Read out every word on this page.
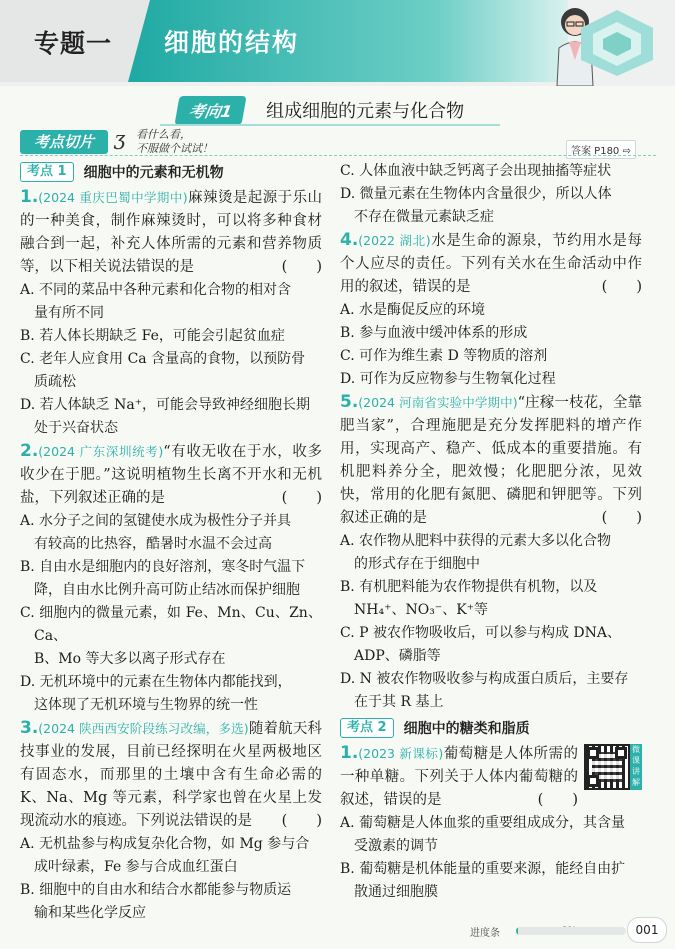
专题一 细胞的结构
考向1	组成细胞的元素与化合物
考点切片	ʒ 看什么看，
不服做个试试！	答案 P180 ⇨
考点 1	细胞中的元素和无机物
1.(2024 重庆巴蜀中学期中)麻辣烫是起源于乐山的一种美食，制作麻辣烫时，可以将多种食材融合到一起，补充人体所需的元素和营养物质等，以下相关说法错误的是	(　　)
A. 不同的菜品中各种元素和化合物的相对含
量有所不同
B. 若人体长期缺乏 Fe，可能会引起贫血症
C. 老年人应食用 Ca 含量高的食物，以预防骨
质疏松
D. 若人体缺乏 Na⁺，可能会导致神经细胞长期
处于兴奋状态
2.(2024 广东深圳统考)“有收无收在于水，收多收少在于肥。”这说明植物生长离不开水和无机盐，下列叙述正确的是	(　　)
A. 水分子之间的氢键使水成为极性分子并具
有较高的比热容，酷暑时水温不会过高
B. 自由水是细胞内的良好溶剂，寒冬时气温下
降，自由水比例升高可防止结冰而保护细胞
C. 细胞内的微量元素，如 Fe、Mn、Cu、Zn、Ca、
B、Mo 等大多以离子形式存在
D. 无机环境中的元素在生物体内都能找到，
这体现了无机环境与生物界的统一性
3.(2024 陕西西安阶段练习改编，多选)随着航天科技事业的发展，目前已经探明在火星两极地区有固态水，而那里的土壤中含有生命必需的 K、Na、Mg 等元素，科学家也曾在火星上发现流动水的痕迹。下列说法错误的是 (　　)
A. 无机盐参与构成复杂化合物，如 Mg 参与合
成叶绿素，Fe 参与合成血红蛋白
B. 细胞中的自由水和结合水都能参与物质运
输和某些化学反应
C. 人体血液中缺乏钙离子会出现抽搐等症状
D. 微量元素在生物体内含量很少，所以人体
不存在微量元素缺乏症
4.(2022 湖北)水是生命的源泉，节约用水是每个人应尽的责任。下列有关水在生命活动中作用的叙述，错误的是	(　　)
A. 水是酶促反应的环境
B. 参与血液中缓冲体系的形成
C. 可作为维生素 D 等物质的溶剂
D. 可作为反应物参与生物氧化过程
5.(2024 河南省实验中学期中)“庄稼一枝花，全靠肥当家”，合理施肥是充分发挥肥料的增产作用，实现高产、稳产、低成本的重要措施。有机肥料养分全，肥效慢；化肥肥分浓，见效快，常用的化肥有氮肥、磷肥和钾肥等。下列叙述正确的是	(　　)
A. 农作物从肥料中获得的元素大多以化合物
的形式存在于细胞中
B. 有机肥料能为农作物提供有机物，以及
NH₄⁺、NO₃⁻、K⁺等
C. P 被农作物吸收后，可以参与构成 DNA、
ADP、磷脂等
D. N 被农作物吸收参与构成蛋白质后，主要存
在于其 R 基上
考点 2	细胞中的糖类和脂质
微课讲解
1.(2023 新课标)葡萄糖是人体所需的一种单糖。下列关于人体内葡萄糖的叙述，错误的是	(　　)
A. 葡萄糖是人体血浆的重要组成成分，其含量
受激素的调节
B. 葡萄糖是机体能量的重要来源，能经自由扩
散通过细胞膜
进度条	001
